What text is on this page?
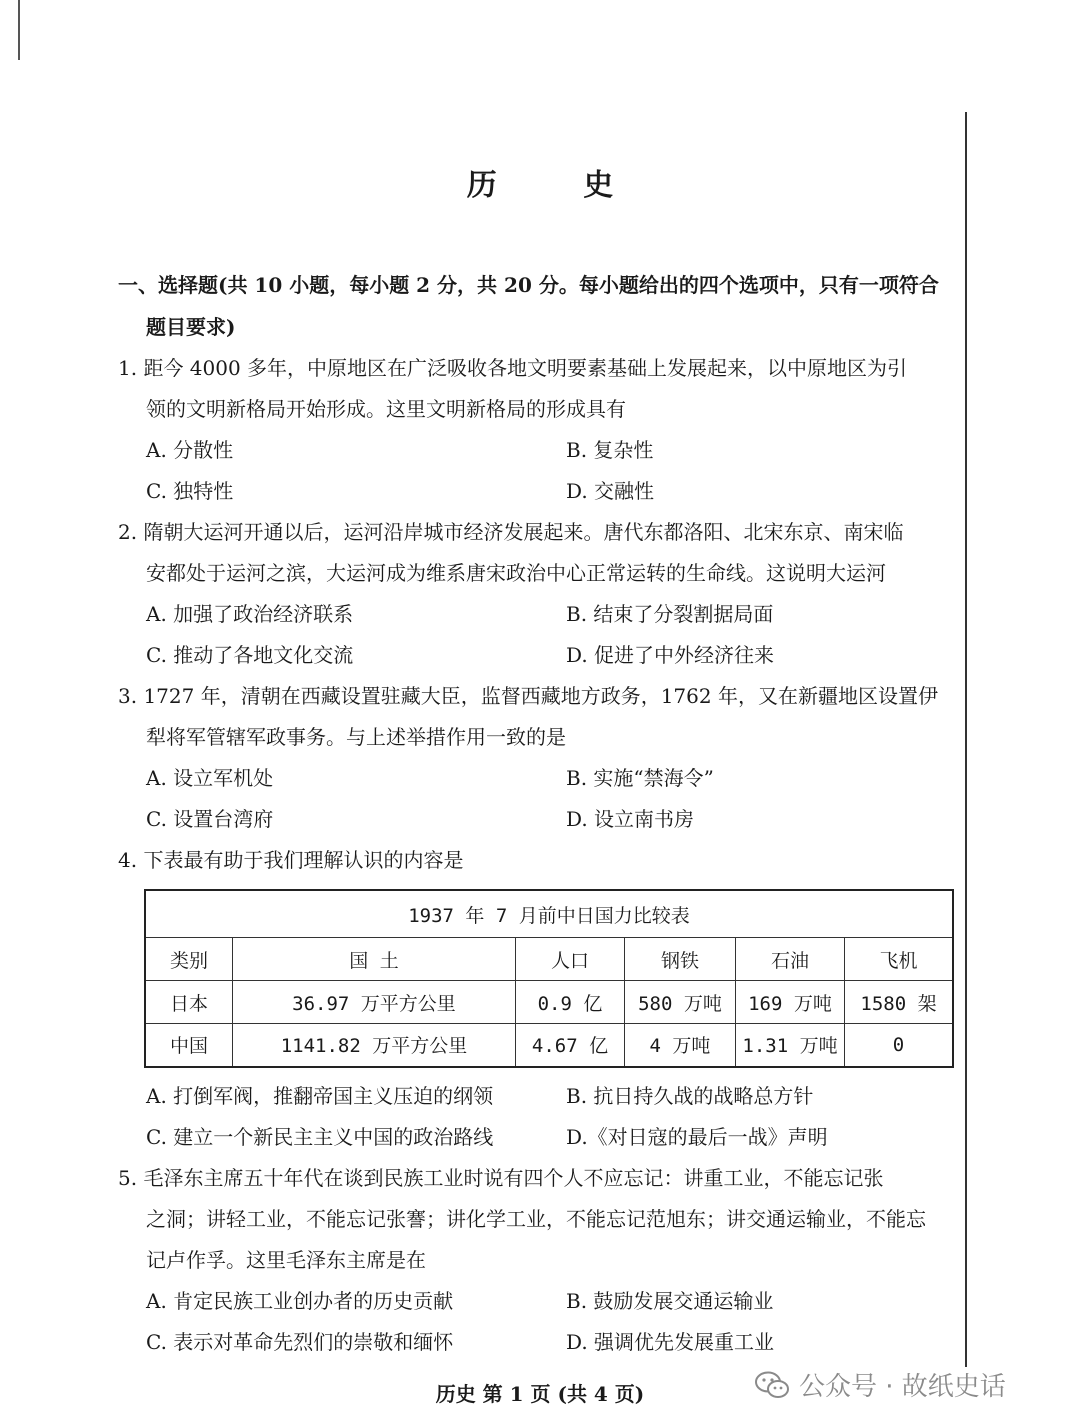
历 史
一、选择题(共 10 小题，每小题 2 分，共 20 分。每小题给出的四个选项中，只有一项符合
题目要求)
1. 距今 4000 多年，中原地区在广泛吸收各地文明要素基础上发展起来，以中原地区为引
领的文明新格局开始形成。这里文明新格局的形成具有
A. 分散性	B. 复杂性
C. 独特性	D. 交融性
2. 隋朝大运河开通以后，运河沿岸城市经济发展起来。唐代东都洛阳、北宋东京、南宋临
安都处于运河之滨，大运河成为维系唐宋政治中心正常运转的生命线。这说明大运河
A. 加强了政治经济联系	B. 结束了分裂割据局面
C. 推动了各地文化交流	D. 促进了中外经济往来
3. 1727 年，清朝在西藏设置驻藏大臣，监督西藏地方政务，1762 年，又在新疆地区设置伊
犁将军管辖军政事务。与上述举措作用一致的是
A. 设立军机处	B. 实施“禁海令”
C. 设置台湾府	D. 设立南书房
4. 下表最有助于我们理解认识的内容是
1937 年 7 月前中日国力比较表					
类别	国 土	人口	钢铁	石油	飞机
日本	36.97 万平方公里	0.9 亿	580 万吨	169 万吨	1580 架
中国	1141.82 万平方公里	4.67 亿	4 万吨	1.31 万吨	0
A. 打倒军阀，推翻帝国主义压迫的纲领	B. 抗日持久战的战略总方针
C. 建立一个新民主主义中国的政治路线	D.《对日寇的最后一战》声明
5. 毛泽东主席五十年代在谈到民族工业时说有四个人不应忘记：讲重工业，不能忘记张
之洞；讲轻工业，不能忘记张謇；讲化学工业，不能忘记范旭东；讲交通运输业，不能忘
记卢作孚。这里毛泽东主席是在
A. 肯定民族工业创办者的历史贡献	B. 鼓励发展交通运输业
C. 表示对革命先烈们的崇敬和缅怀	D. 强调优先发展重工业
历史 第 1 页 (共 4 页)	公众号 · 故纸史话
